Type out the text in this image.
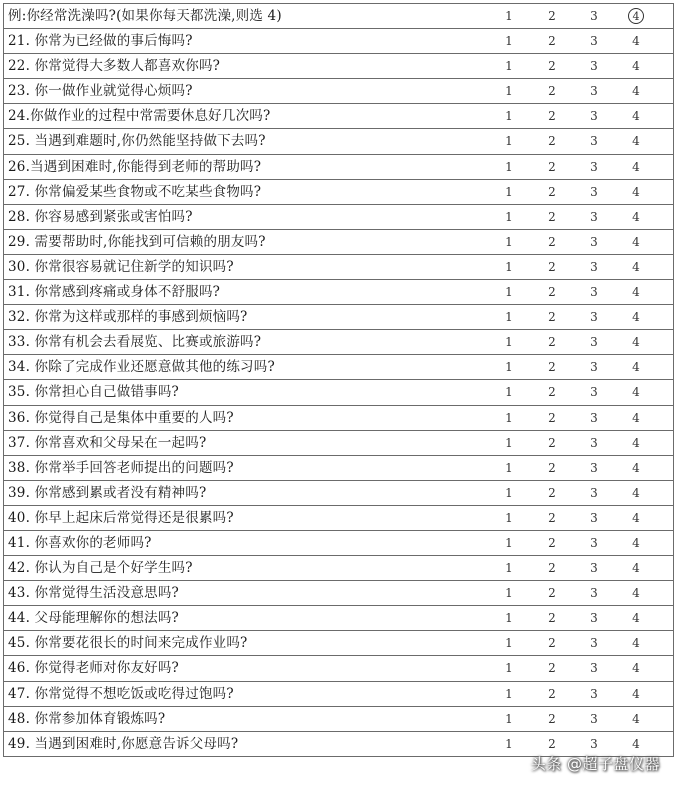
例:你经常洗澡吗?(如果你每天都洗澡,则选 4)	1	2	3	4
21. 你常为已经做的事后悔吗?	1	2	3	4
22. 你常觉得大多数人都喜欢你吗?	1	2	3	4
23. 你一做作业就觉得心烦吗?	1	2	3	4
24.你做作业的过程中常需要休息好几次吗?	1	2	3	4
25. 当遇到难题时,你仍然能坚持做下去吗?	1	2	3	4
26.当遇到困难时,你能得到老师的帮助吗?	1	2	3	4
27. 你常偏爱某些食物或不吃某些食物吗?	1	2	3	4
28. 你容易感到紧张或害怕吗?	1	2	3	4
29. 需要帮助时,你能找到可信赖的朋友吗?	1	2	3	4
30. 你常很容易就记住新学的知识吗?	1	2	3	4
31. 你常感到疼痛或身体不舒服吗?	1	2	3	4
32. 你常为这样或那样的事感到烦恼吗?	1	2	3	4
33. 你常有机会去看展览、比赛或旅游吗?	1	2	3	4
34. 你除了完成作业还愿意做其他的练习吗?	1	2	3	4
35. 你常担心自己做错事吗?	1	2	3	4
36. 你觉得自己是集体中重要的人吗?	1	2	3	4
37. 你常喜欢和父母呆在一起吗?	1	2	3	4
38. 你常举手回答老师提出的问题吗?	1	2	3	4
39. 你常感到累或者没有精神吗?	1	2	3	4
40. 你早上起床后常觉得还是很累吗?	1	2	3	4
41. 你喜欢你的老师吗?	1	2	3	4
42. 你认为自己是个好学生吗?	1	2	3	4
43. 你常觉得生活没意思吗?	1	2	3	4
44. 父母能理解你的想法吗?	1	2	3	4
45. 你常要花很长的时间来完成作业吗?	1	2	3	4
46. 你觉得老师对你友好吗?	1	2	3	4
47. 你常觉得不想吃饭或吃得过饱吗?	1	2	3	4
48. 你常参加体育锻炼吗?	1	2	3	4
49. 当遇到困难时,你愿意告诉父母吗?	1	2	3	4
头条 @超子盘仪器
